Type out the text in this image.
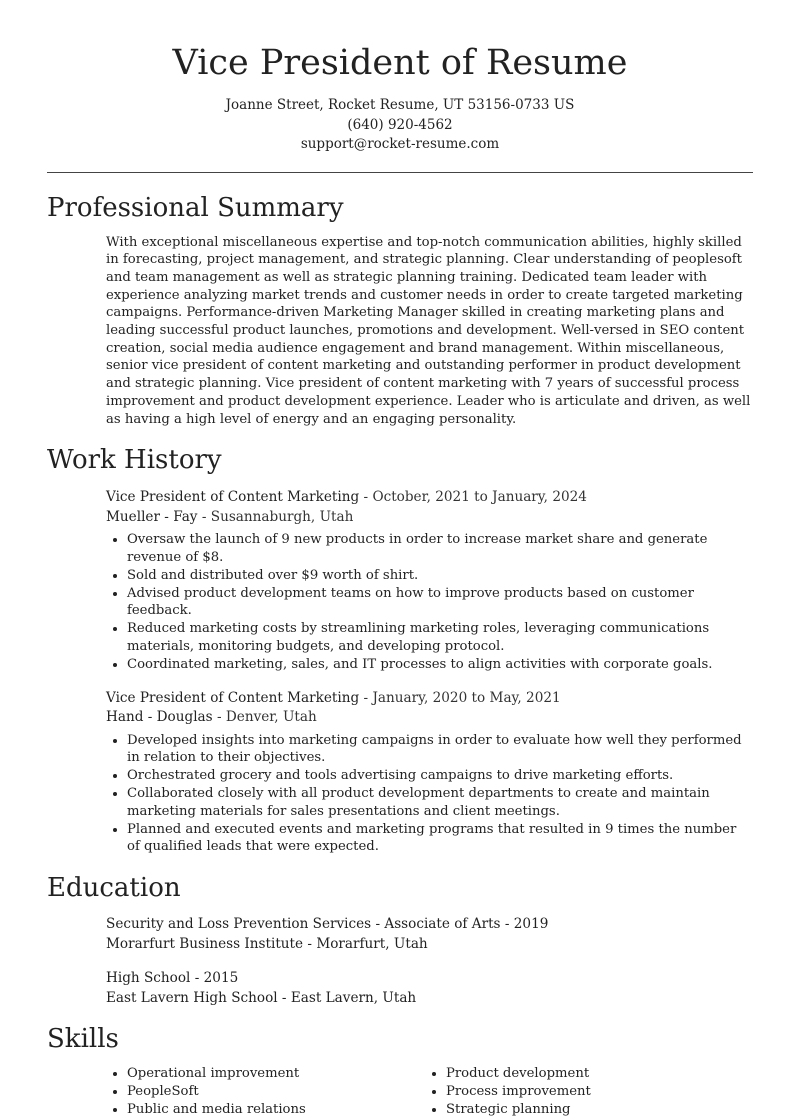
Vice President of Resume
Joanne Street, Rocket Resume, UT 53156-0733 US
(640) 920-4562
support@rocket-resume.com
Professional Summary

With exceptional miscellaneous expertise and top-notch communication abilities, highly skilled in forecasting, project management, and strategic planning. Clear understanding of peoplesoft and team management as well as strategic planning training. Dedicated team leader with experience analyzing market trends and customer needs in order to create targeted marketing campaigns. Performance-driven Marketing Manager skilled in creating marketing plans and leading successful product launches, promotions and development. Well-versed in SEO content creation, social media audience engagement and brand management. Within miscellaneous, senior vice president of content marketing and outstanding performer in product development and strategic planning. Vice president of content marketing with 7 years of successful process improvement and product development experience. Leader who is articulate and driven, as well as having a high level of energy and an engaging personality.

Work History
Vice President of Content Marketing - October, 2021 to January, 2024
Mueller - Fay - Susannaburgh, Utah
• Oversaw the launch of 9 new products in order to increase market share and generate revenue of $8.
• Sold and distributed over $9 worth of shirt.
• Advised product development teams on how to improve products based on customer feedback.
• Reduced marketing costs by streamlining marketing roles, leveraging communications materials, monitoring budgets, and developing protocol.
• Coordinated marketing, sales, and IT processes to align activities with corporate goals.
Vice President of Content Marketing - January, 2020 to May, 2021
Hand - Douglas - Denver, Utah
• Developed insights into marketing campaigns in order to evaluate how well they performed in relation to their objectives.
• Orchestrated grocery and tools advertising campaigns to drive marketing efforts.
• Collaborated closely with all product development departments to create and maintain marketing materials for sales presentations and client meetings.
• Planned and executed events and marketing programs that resulted in 9 times the number of qualified leads that were expected.
Education
Security and Loss Prevention Services - Associate of Arts - 2019
Morarfurt Business Institute - Morarfurt, Utah
High School - 2015
East Lavern High School - East Lavern, Utah
Skills
• Operational improvement
• PeopleSoft
• Public and media relations
• Product development
• Process improvement
• Strategic planning
